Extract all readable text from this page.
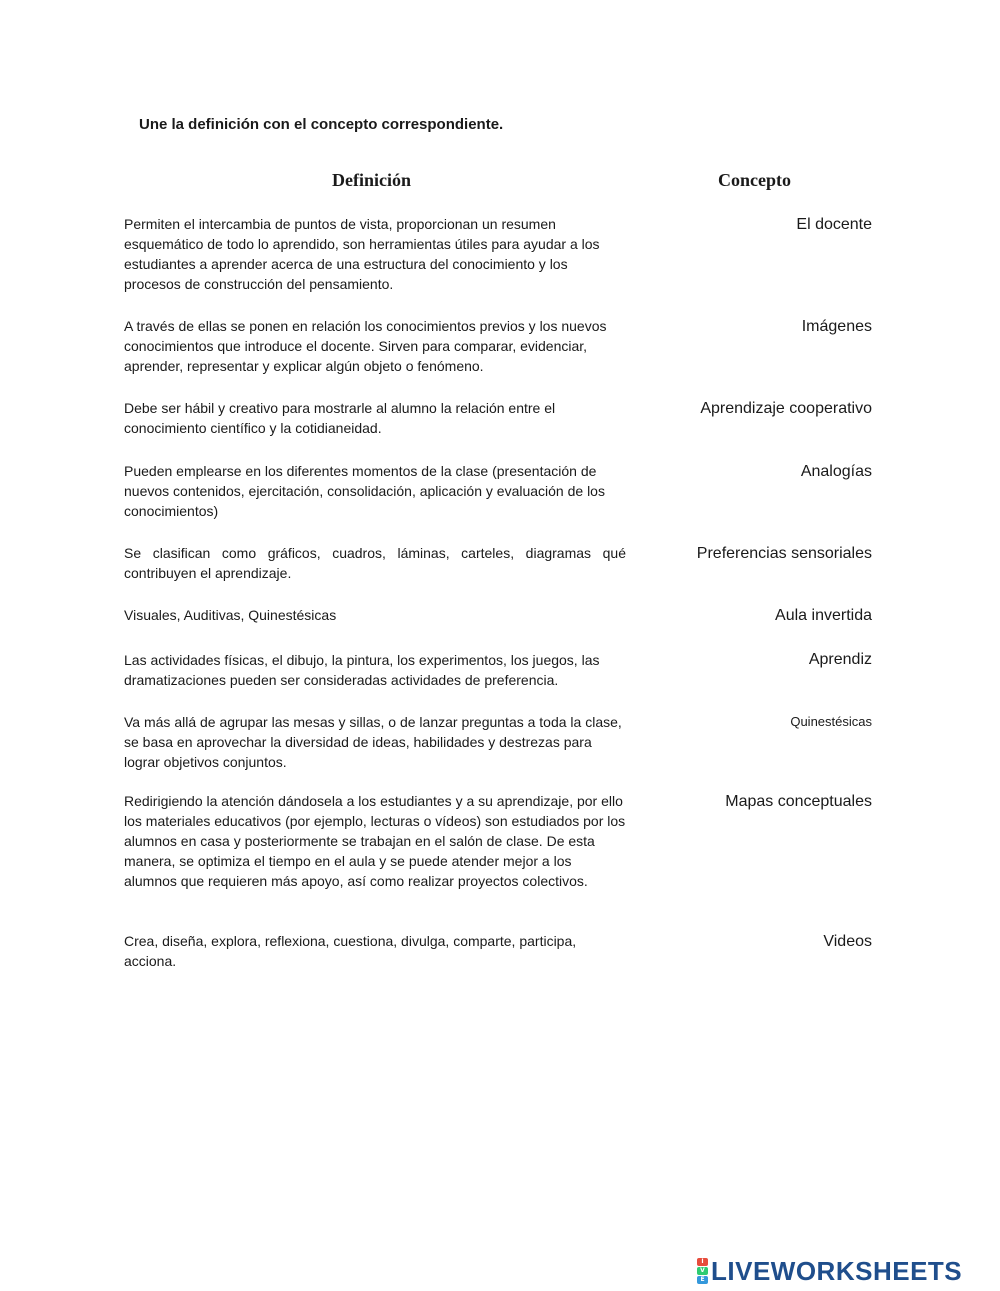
Une la definición con el concepto correspondiente.
Definición	Concepto
Permiten el intercambia de puntos de vista, proporcionan un resumen esquemático de todo lo aprendido, son herramientas útiles para ayudar a los estudiantes a aprender acerca de una estructura del conocimiento y los procesos de construcción del pensamiento.
A través de ellas se ponen en relación los conocimientos previos y los nuevos conocimientos que introduce el docente. Sirven para comparar, evidenciar, aprender, representar y explicar algún objeto o fenómeno.
Debe ser hábil y creativo para mostrarle al alumno la relación entre el conocimiento científico y la cotidianeidad.
Pueden emplearse en los diferentes momentos de la clase (presentación de nuevos contenidos, ejercitación, consolidación, aplicación y evaluación de los conocimientos)
Se clasifican como gráficos, cuadros, láminas, carteles, diagramas qué contribuyen el aprendizaje.
Visuales, Auditivas, Quinestésicas
Las actividades físicas, el dibujo, la pintura, los experimentos, los juegos, las dramatizaciones pueden ser consideradas actividades de preferencia.
Va más allá de agrupar las mesas y sillas, o de lanzar preguntas a toda la clase, se basa en aprovechar la diversidad de ideas, habilidades y destrezas para lograr objetivos conjuntos.
Redirigiendo la atención dándosela a los estudiantes y a su aprendizaje, por ello los materiales educativos (por ejemplo, lecturas o vídeos) son estudiados por los alumnos en casa y posteriormente se trabajan en el salón de clase. De esta manera, se optimiza el tiempo en el aula y se puede atender mejor a los alumnos que requieren más apoyo, así como realizar proyectos colectivos.
Crea, diseña, explora, reflexiona, cuestiona, divulga, comparte, participa, acciona.
El docente
Imágenes
Aprendizaje cooperativo
Analogías
Preferencias sensoriales
Aula invertida
Aprendiz
Quinestésicas
Mapas conceptuales
Videos
I
V
E LIVEWORKSHEETS
